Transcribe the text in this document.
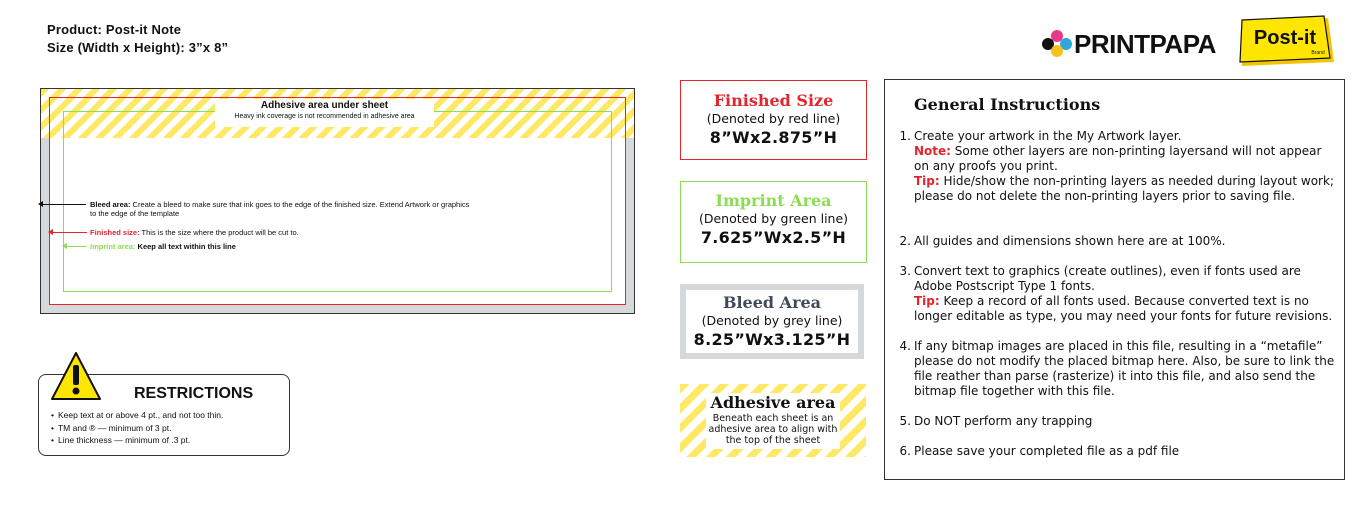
Product: Post-it Note
Size (Width x Height): 3”x 8”	PRINTPAPA Post-it
Brand
Adhesive area under sheet
Heavy ink coverage is not recommended in adhesive area
Bleed area: Create a bleed to make sure that ink goes to the edge of the finished size. Extend Artwork or graphics
to the edge of the template
Finished size: This is the size where the product will be cut to.
Imprint area: Keep all text within this line
• Keep text at or above 4 pt., and not too thin.
• TM and ® — minimum of 3 pt.
• Line thickness — minimum of .3 pt.
RESTRICTIONS
Finished Size
(Denoted by red line)
8”Wx2.875”H
Imprint Area
(Denoted by green line)
7.625”Wx2.5”H
Bleed Area
(Denoted by grey line)
8.25”Wx3.125”H
Adhesive area
Beneath each sheet is an adhesive area to align with the top of the sheet
General Instructions
1. Create your artwork in the My Artwork layer.
Note: Some other layers are non-printing layersand will not appear on any proofs you print.
Tip: Hide/show the non-printing layers as needed during layout work; please do not delete the non-printing layers prior to saving file.
2. All guides and dimensions shown here are at 100%.
3. Convert text to graphics (create outlines), even if fonts used are Adobe Postscript Type 1 fonts.
Tip: Keep a record of all fonts used. Because converted text is no longer editable as type, you may need your fonts for future revisions.
4. If any bitmap images are placed in this file, resulting in a “metafile” please do not modify the placed bitmap here. Also, be sure to link the file reather than parse (rasterize) it into this file, and also send the bitmap file together with this file.
5. Do NOT perform any trapping
6. Please save your completed file as a pdf file
